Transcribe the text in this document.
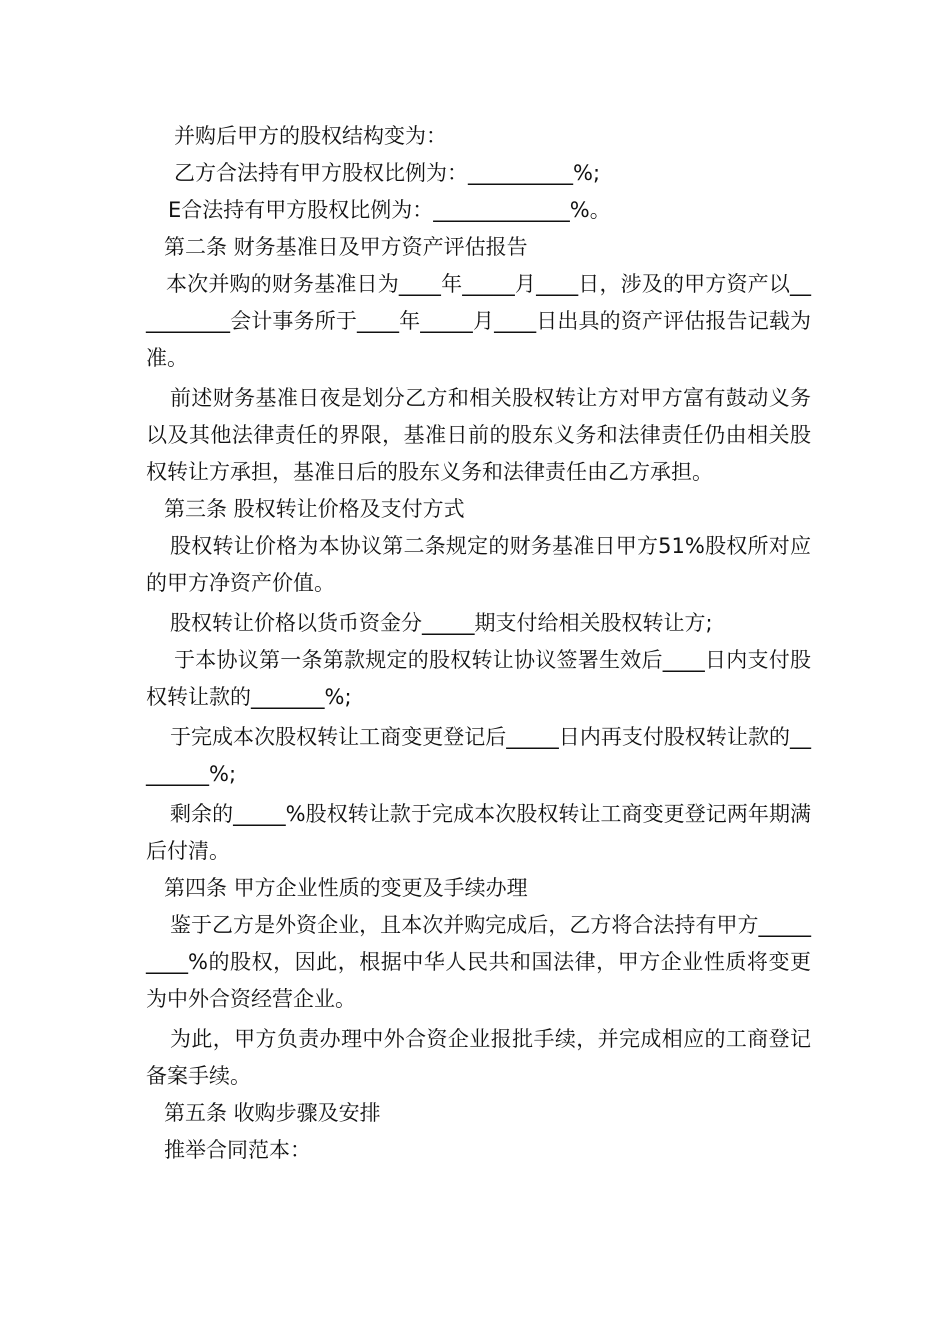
并购后甲方的股权结构变为：

乙方合法持有甲方股权比例为：__________%;

E合法持有甲方股权比例为：_____________%。

第二条 财务基准日及甲方资产评估报告

本次并购的财务基准日为____年_____月____日，涉及的甲方资产以__________会计事务所于____年_____月____日出具的资产评估报告记载为准。

前述财务基准日夜是划分乙方和相关股权转让方对甲方富有鼓动义务以及其他法律责任的界限，基准日前的股东义务和法律责任仍由相关股权转让方承担，基准日后的股东义务和法律责任由乙方承担。

第三条 股权转让价格及支付方式

股权转让价格为本协议第二条规定的财务基准日甲方51%股权所对应的甲方净资产价值。

股权转让价格以货币资金分_____期支付给相关股权转让方;

于本协议第一条第款规定的股权转让协议签署生效后____日内支付股权转让款的_______%;

于完成本次股权转让工商变更登记后_____日内再支付股权转让款的________%;

剩余的_____%股权转让款于完成本次股权转让工商变更登记两年期满后付清。

第四条 甲方企业性质的变更及手续办理

鉴于乙方是外资企业，且本次并购完成后，乙方将合法持有甲方_________%的股权，因此，根据中华人民共和国法律，甲方企业性质将变更为中外合资经营企业。

为此，甲方负责办理中外合资企业报批手续，并完成相应的工商登记备案手续。

第五条 收购步骤及安排

推举合同范本：
